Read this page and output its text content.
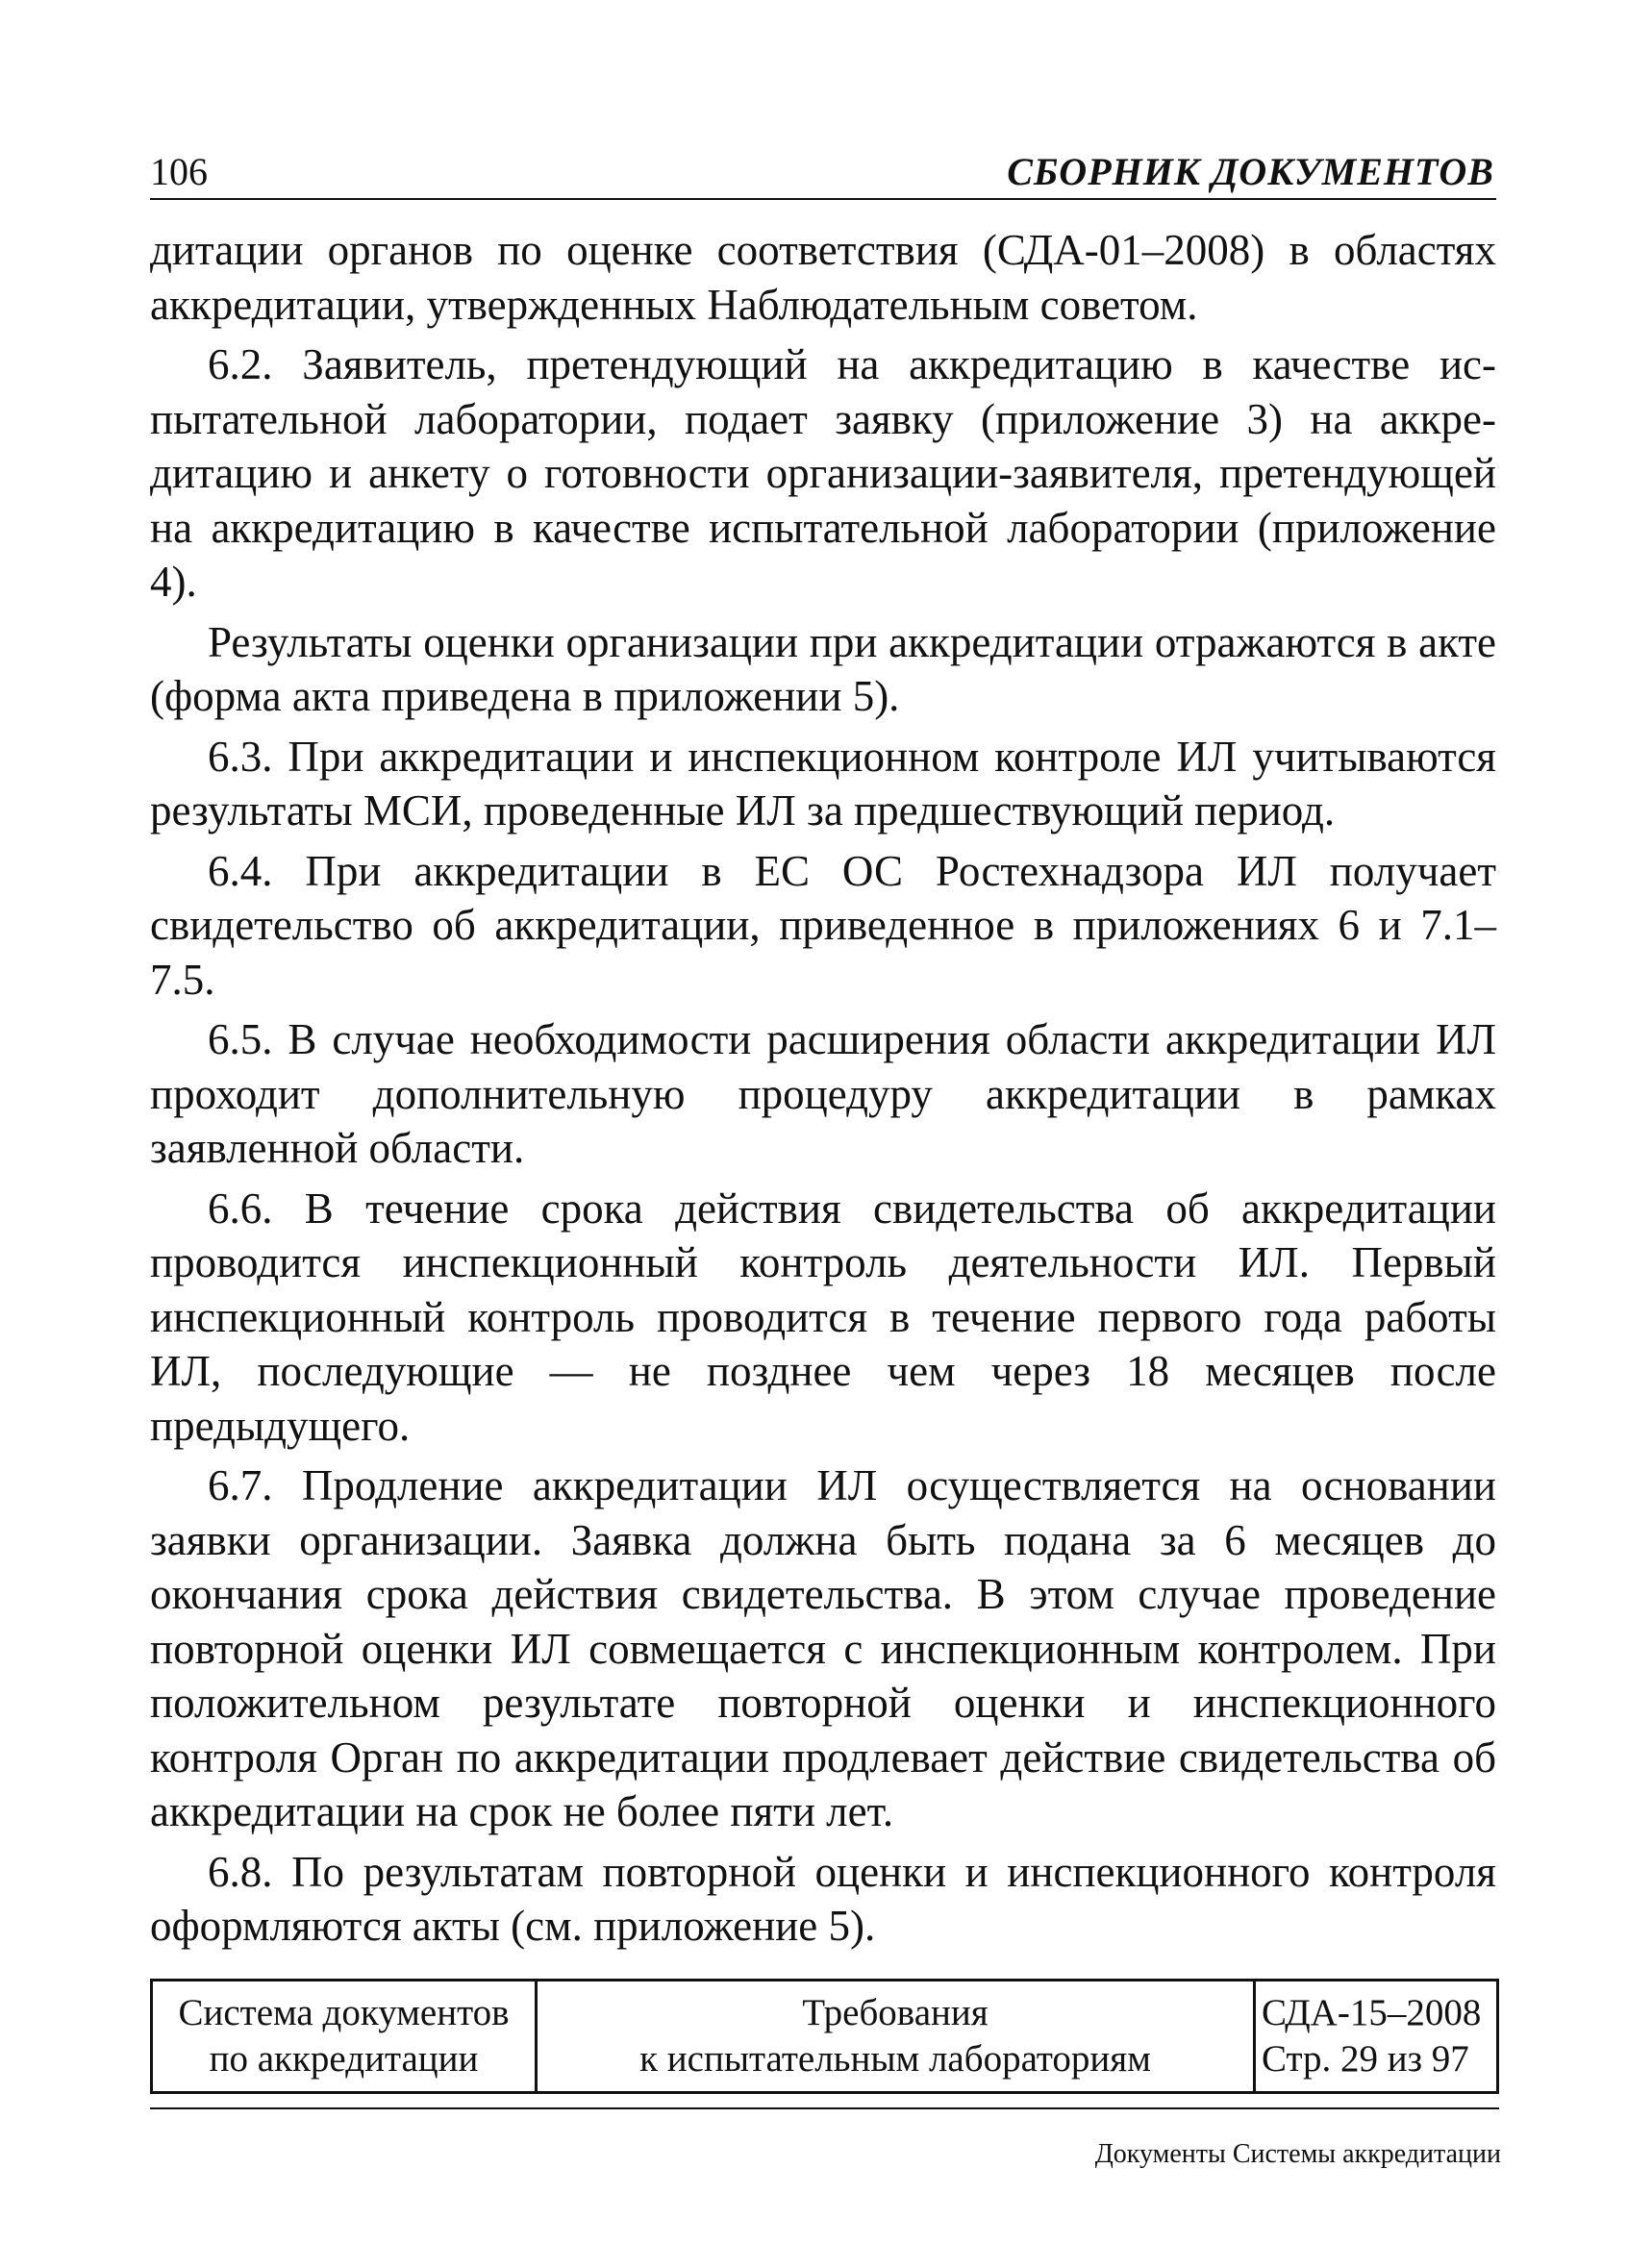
106	СБОРНИК ДОКУМЕНТОВ

дитации органов по оценке соответствия (СДА-01–2008) в областях аккредитации, утвержденных Наблюдательным советом.

6.2. Заявитель, претендующий на аккредитацию в качестве испытательной лаборатории, подает заявку (приложение 3) на аккредитацию и анкету о готовности организации-заявителя, претендующей на аккредитацию в качестве испытательной лаборатории (приложение 4).

Результаты оценки организации при аккредитации отражаются в акте (форма акта приведена в приложении 5).

6.3. При аккредитации и инспекционном контроле ИЛ учитываются результаты МСИ, проведенные ИЛ за предшествующий период.

6.4. При аккредитации в ЕС ОС Ростехнадзора ИЛ получает свидетельство об аккредитации, приведенное в приложениях 6 и 7.1–7.5.

6.5. В случае необходимости расширения области аккредитации ИЛ проходит дополнительную процедуру аккредитации в рамках заявленной области.

6.6. В течение срока действия свидетельства об аккредитации проводится инспекционный контроль деятельности ИЛ. Первый инспекционный контроль проводится в течение первого года работы ИЛ, последующие — не позднее чем через 18 месяцев после предыдущего.

6.7. Продление аккредитации ИЛ осуществляется на основании заявки организации. Заявка должна быть подана за 6 месяцев до окончания срока действия свидетельства. В этом случае проведение повторной оценки ИЛ совмещается с инспекционным контролем. При положительном результате повторной оценки и инспекционного контроля Орган по аккредитации продлевает действие свидетельства об аккредитации на срок не более пяти лет.

6.8. По результатам повторной оценки и инспекционного контроля оформляются акты (см. приложение 5).

Система документов
по аккредитации

Требования
к испытательным лабораториям

СДА-15–2008
Стр. 29 из 97
Документы Системы аккредитации
